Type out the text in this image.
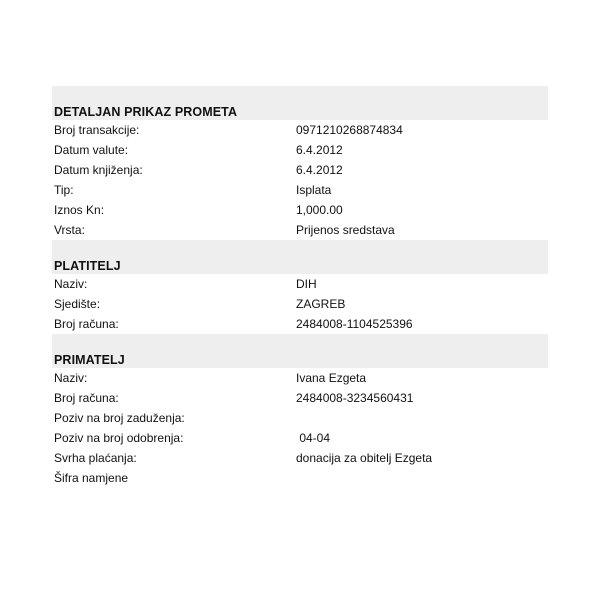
DETALJAN PRIKAZ PROMETA
Broj transakcije:	0971210268874834
Datum valute:	6.4.2012
Datum knjiženja:	6.4.2012
Tip:	Isplata
Iznos Kn:	1,000.00
Vrsta:	Prijenos sredstava
PLATITELJ
Naziv:	DIH
Sjedište:	ZAGREB
Broj računa:	2484008-1104525396
PRIMATELJ
Naziv:	Ivana Ezgeta
Broj računa:	2484008-3234560431
Poziv na broj zaduženja:
Poziv na broj odobrenja:	04-04
Svrha plaćanja:	donacija za obitelj Ezgeta
Šifra namjene
